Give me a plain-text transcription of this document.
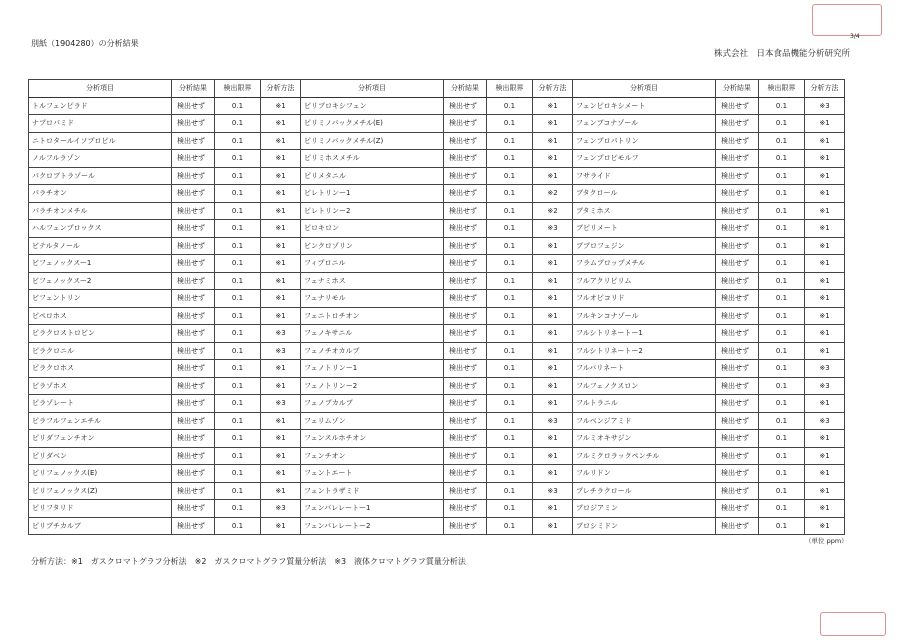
別紙（1904280）の分析結果
3/4
株式会社　日本食品機能分析研究所
分析項目	分析結果	検出限界	分析方法	分析項目	分析結果	検出限界	分析方法	分析項目	分析結果	検出限界	分析方法
トルフェンピラド	検出せず	0.1	※1	ピリプロキシフェン	検出せず	0.1	※1	フェンピロキシメート	検出せず	0.1	※3
ナプロパミド	検出せず	0.1	※1	ピリミノバックメチル(E)	検出せず	0.1	※1	フェンブコナゾール	検出せず	0.1	※1
ニトロタールイソプロピル	検出せず	0.1	※1	ピリミノバックメチル(Z)	検出せず	0.1	※1	フェンプロパトリン	検出せず	0.1	※1
ノルフルラゾン	検出せず	0.1	※1	ピリミホスメチル	検出せず	0.1	※1	フェンプロピモルフ	検出せず	0.1	※1
パクロブトラゾール	検出せず	0.1	※1	ピリメタニル	検出せず	0.1	※1	フサライド	検出せず	0.1	※1
パラチオン	検出せず	0.1	※1	ピレトリンー1	検出せず	0.1	※2	ブタクロール	検出せず	0.1	※1
パラチオンメチル	検出せず	0.1	※1	ピレトリンー2	検出せず	0.1	※2	ブタミホス	検出せず	0.1	※1
ハルフェンプロックス	検出せず	0.1	※1	ピロキロン	検出せず	0.1	※3	ブピリメート	検出せず	0.1	※1
ビテルタノール	検出せず	0.1	※1	ビンクロゾリン	検出せず	0.1	※1	ブプロフェジン	検出せず	0.1	※1
ビフェノックスー1	検出せず	0.1	※1	フィプロニル	検出せず	0.1	※1	フラムプロップメチル	検出せず	0.1	※1
ビフェノックスー2	検出せず	0.1	※1	フェナミホス	検出せず	0.1	※1	フルアクリピリム	検出せず	0.1	※1
ビフェントリン	検出せず	0.1	※1	フェナリモル	検出せず	0.1	※1	フルオピコリド	検出せず	0.1	※1
ピペロホス	検出せず	0.1	※1	フェニトロチオン	検出せず	0.1	※1	フルキンコナゾール	検出せず	0.1	※1
ピラクロストロビン	検出せず	0.1	※3	フェノキサニル	検出せず	0.1	※1	フルシトリネートー1	検出せず	0.1	※1
ピラクロニル	検出せず	0.1	※3	フェノチオカルブ	検出せず	0.1	※1	フルシトリネートー2	検出せず	0.1	※1
ピラクロホス	検出せず	0.1	※1	フェノトリンー1	検出せず	0.1	※1	フルバリネート	検出せず	0.1	※3
ピラゾホス	検出せず	0.1	※1	フェノトリンー2	検出せず	0.1	※1	フルフェノクスロン	検出せず	0.1	※3
ピラゾレート	検出せず	0.1	※3	フェノブカルブ	検出せず	0.1	※1	フルトラニル	検出せず	0.1	※1
ピラフルフェンエチル	検出せず	0.1	※1	フェリムゾン	検出せず	0.1	※3	フルベンジアミド	検出せず	0.1	※3
ピリダフェンチオン	検出せず	0.1	※1	フェンスルホチオン	検出せず	0.1	※1	フルミオキサジン	検出せず	0.1	※1
ピリダベン	検出せず	0.1	※1	フェンチオン	検出せず	0.1	※1	フルミクロラックペンチル	検出せず	0.1	※1
ピリフェノックス(E)	検出せず	0.1	※1	フェントエート	検出せず	0.1	※1	フルリドン	検出せず	0.1	※1
ピリフェノックス(Z)	検出せず	0.1	※1	フェントラザミド	検出せず	0.1	※3	プレチラクロール	検出せず	0.1	※1
ピリフタリド	検出せず	0.1	※3	フェンバレレートー1	検出せず	0.1	※1	プロジアミン	検出せず	0.1	※1
ピリブチカルブ	検出せず	0.1	※1	フェンバレレートー2	検出せず	0.1	※1	プロシミドン	検出せず	0.1	※1
（単位 ppm）
分析方法：※1　ガスクロマトグラフ分析法　※2　ガスクロマトグラフ質量分析法　※3　液体クロマトグラフ質量分析法
